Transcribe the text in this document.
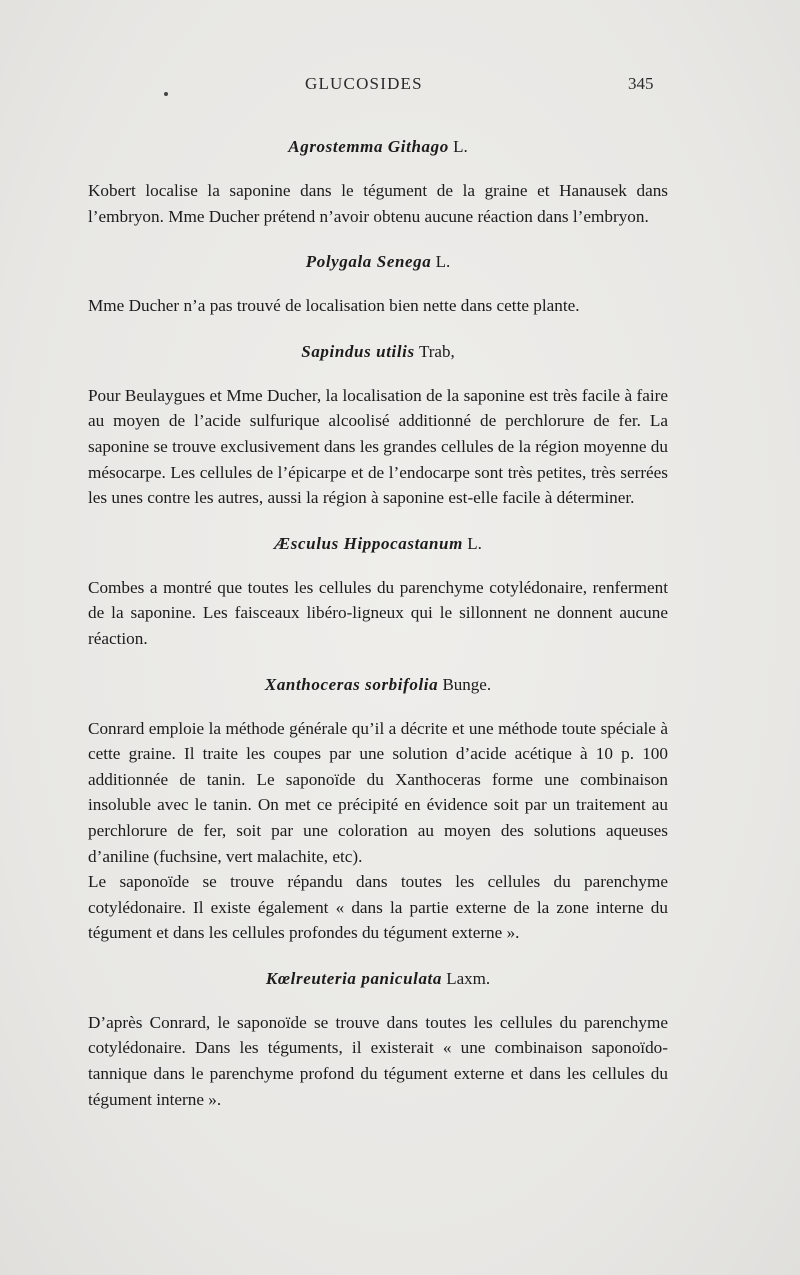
GLUCOSIDES	345
Agrostemma Githago L.

Kobert localise la saponine dans le tégument de la graine et Hanausek dans l’embryon. Mme Ducher prétend n’avoir obtenu aucune réaction dans l’embryon.

Polygala Senega L.

Mme Ducher n’a pas trouvé de localisation bien nette dans cette plante.

Sapindus utilis Trab,

Pour Beulaygues et Mme Ducher, la localisation de la saponine est très facile à faire au moyen de l’acide sulfurique alcoolisé additionné de perchlorure de fer. La saponine se trouve exclusivement dans les grandes cellules de la région moyenne du mésocarpe. Les cellules de l’épicarpe et de l’endocarpe sont très petites, très serrées les unes contre les autres, aussi la région à saponine est-elle facile à déterminer.

Æsculus Hippocastanum L.

Combes a montré que toutes les cellules du parenchyme cotylédonaire, renferment de la saponine. Les faisceaux libéro-ligneux qui le sillonnent ne donnent aucune réaction.

Xanthoceras sorbifolia Bunge.

Conrard emploie la méthode générale qu’il a décrite et une méthode toute spéciale à cette graine. Il traite les coupes par une solution d’acide acétique à 10 p. 100 additionnée de tanin. Le saponoïde du Xanthoceras forme une combinaison insoluble avec le tanin. On met ce précipité en évidence soit par un traitement au perchlorure de fer, soit par une coloration au moyen des solutions aqueuses d’aniline (fuchsine, vert malachite, etc).

Le saponoïde se trouve répandu dans toutes les cellules du parenchyme cotylédonaire. Il existe également « dans la partie externe de la zone interne du tégument et dans les cellules profondes du tégument externe ».

Kœlreuteria paniculata Laxm.

D’après Conrard, le saponoïde se trouve dans toutes les cellules du parenchyme cotylédonaire. Dans les téguments, il existerait « une combinaison saponoïdo-tannique dans le parenchyme profond du tégument externe et dans les cellules du tégument interne ».
